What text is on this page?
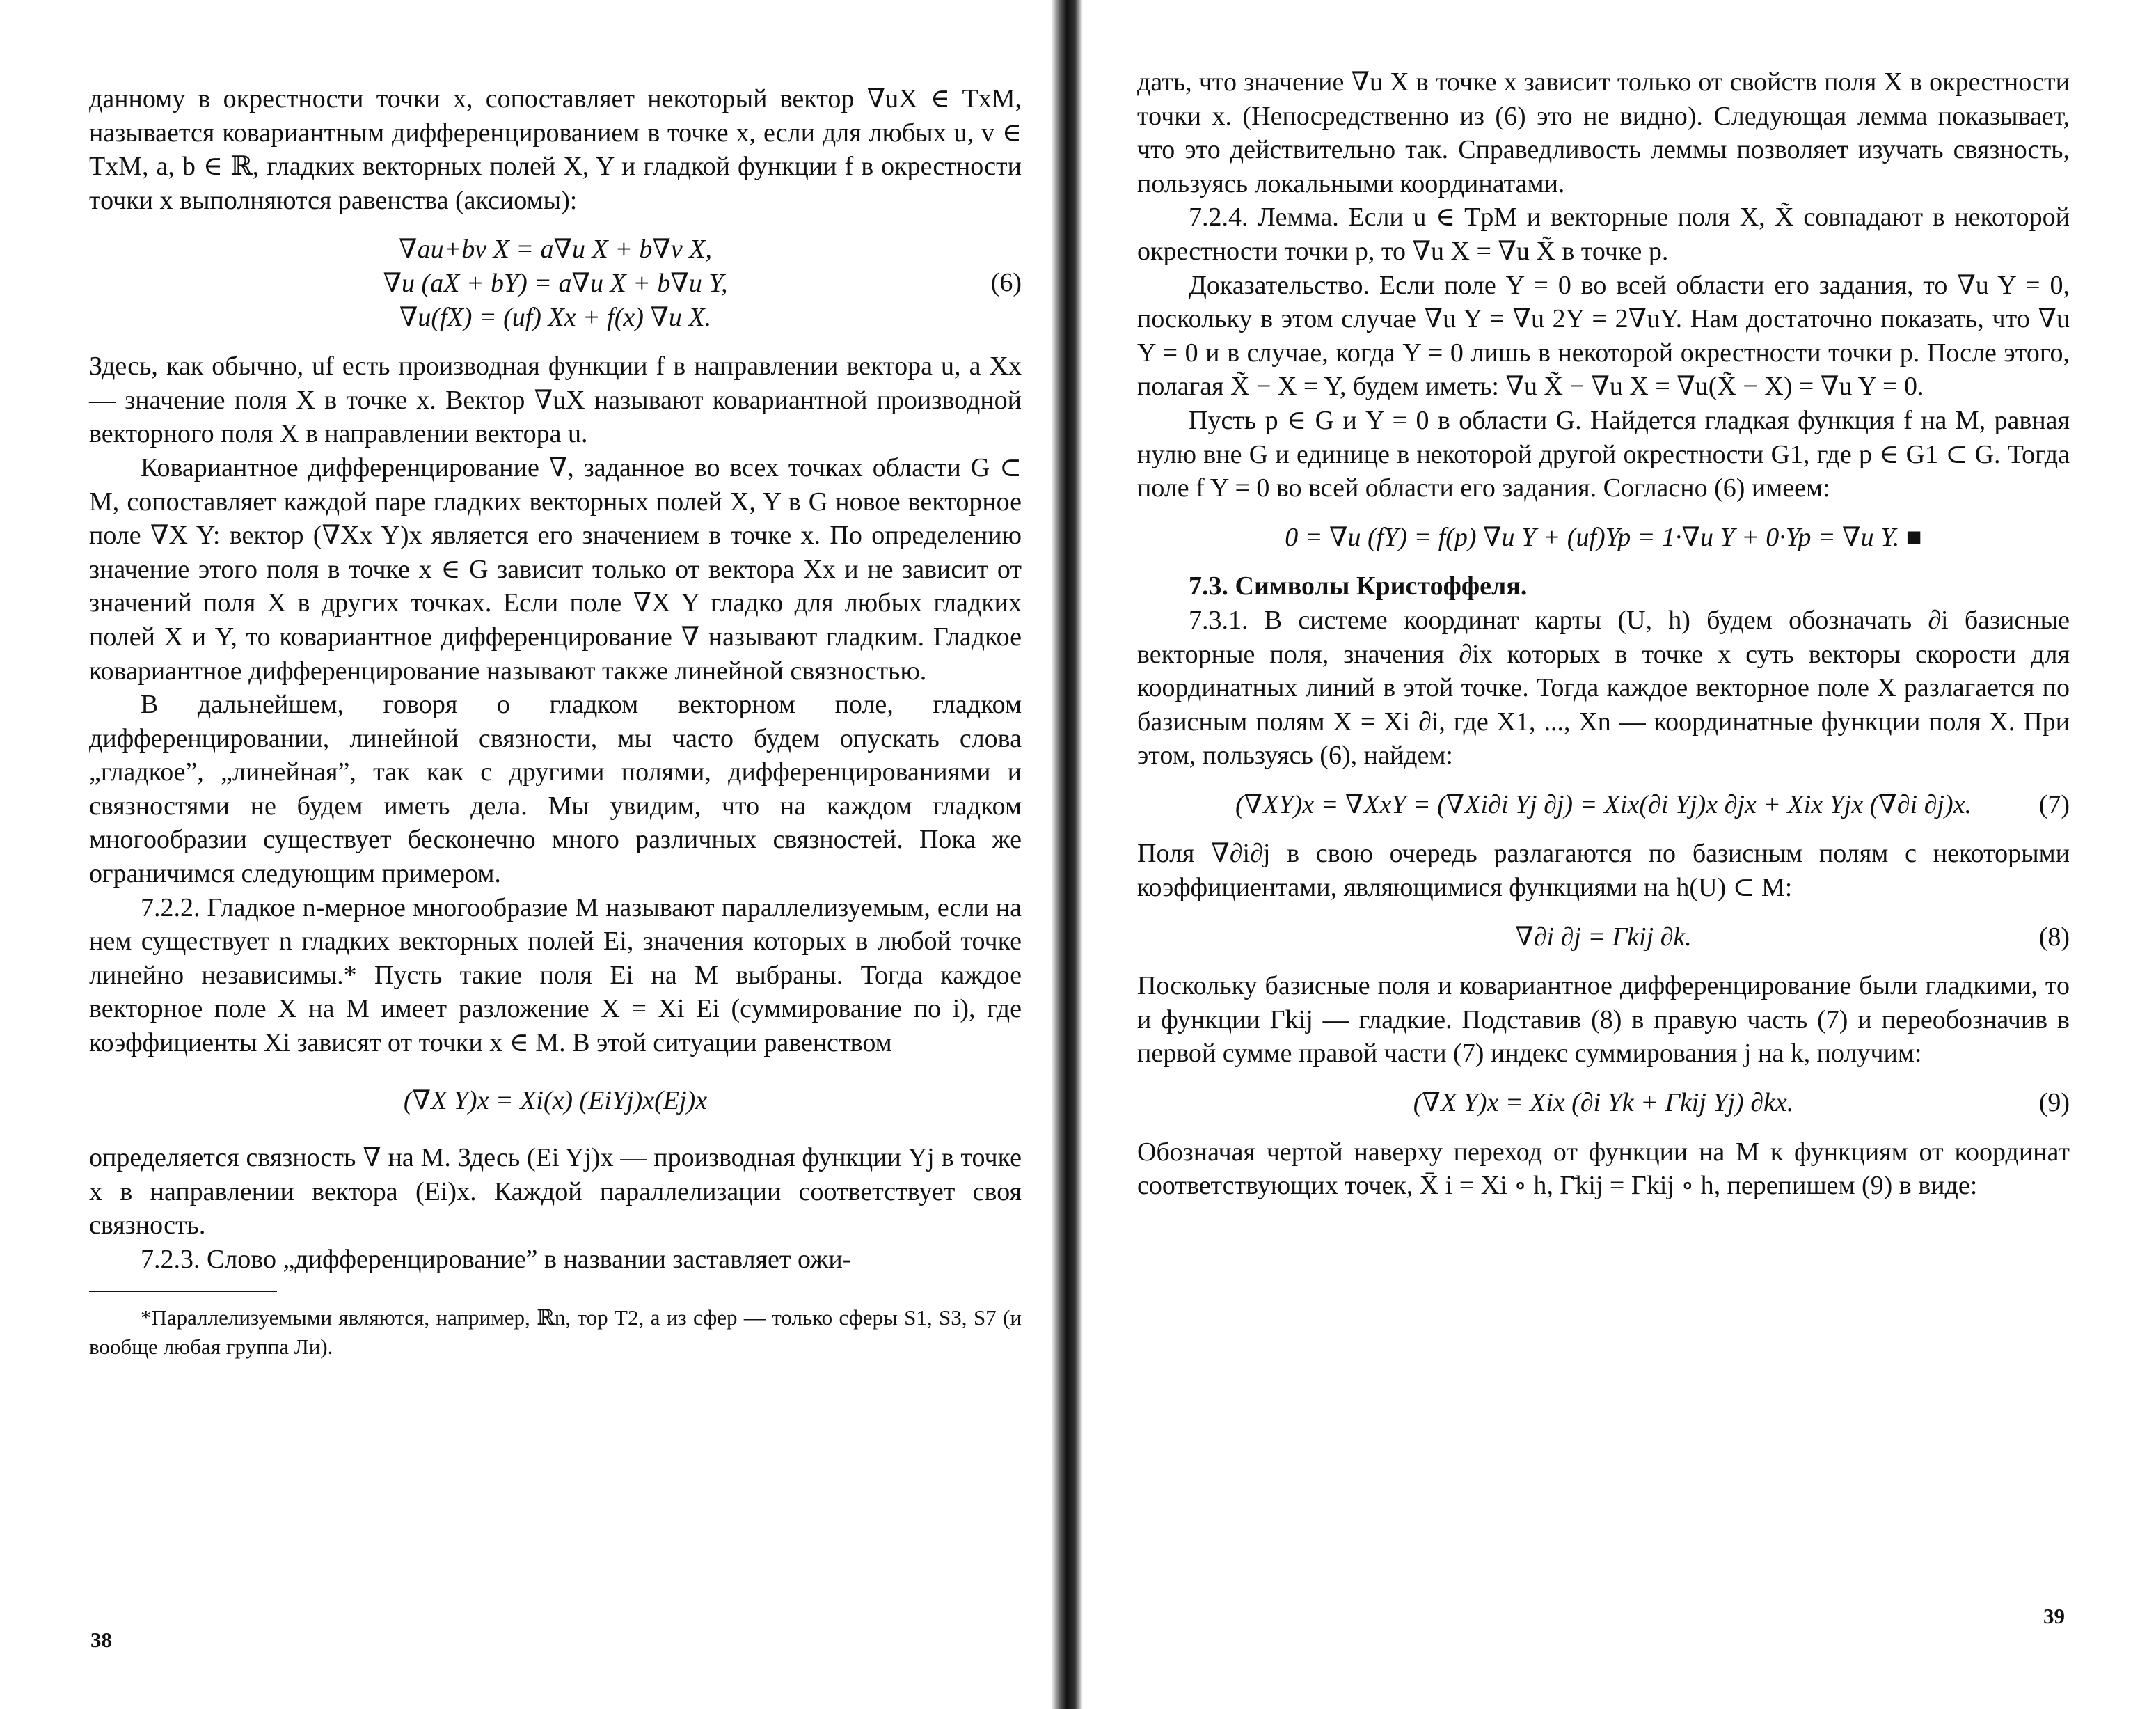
данному в окрестности точки x, сопоставляет некоторый вектор ∇uX ∈ TxM, называется ковариантным дифференцированием в точке x, если для любых u, v ∈ TxM, a, b ∈ ℝ, гладких векторных полей X, Y и гладкой функции f в окрестности точки x выполняются равенства (аксиомы):

∇au+bv X = a∇u X + b∇v X,
∇u (aX + bY) = a∇u X + b∇u Y,
∇u(fX) = (uf) Xx + f(x) ∇u X.
(6)

Здесь, как обычно, uf есть производная функции f в направлении вектора u, а Xx — значение поля X в точке x. Вектор ∇uX называют ковариантной производной векторного поля X в направлении вектора u.

Ковариантное дифференцирование ∇, заданное во всех точках области G ⊂ M, сопоставляет каждой паре гладких векторных полей X, Y в G новое векторное поле ∇X Y: вектор (∇Xx Y)x является его значением в точке x. По определению значение этого поля в точке x ∈ G зависит только от вектора Xx и не зависит от значений поля X в других точках. Если поле ∇X Y гладко для любых гладких полей X и Y, то ковариантное дифференцирование ∇ называют гладким. Гладкое ковариантное дифференцирование называют также линейной связностью.

В дальнейшем, говоря о гладком векторном поле, гладком дифференцировании, линейной связности, мы часто будем опускать слова „гладкое”, „линейная”, так как с другими полями, дифференцированиями и связностями не будем иметь дела. Мы увидим, что на каждом гладком многообразии существует бесконечно много различных связностей. Пока же ограничимся следующим примером.

7.2.2. Гладкое n-мерное многообразие M называют параллелизуемым, если на нем существует n гладких векторных полей Ei, значения которых в любой точке линейно независимы.* Пусть такие поля Ei на M выбраны. Тогда каждое векторное поле X на M имеет разложение X = Xi Ei (суммирование по i), где коэффициенты Xi зависят от точки x ∈ M. В этой ситуации равенством

(∇X Y)x = Xi(x) (EiYj)x(Ej)x

определяется связность ∇ на M. Здесь (Ei Yj)x — производная функции Yj в точке x в направлении вектора (Ei)x. Каждой параллелизации соответствует своя связность.

7.2.3. Слово „дифференцирование” в названии заставляет ожи-

*Параллелизуемыми являются, например, ℝn, тор T2, а из сфер — только сферы S1, S3, S7 (и вообще любая группа Ли).

38

дать, что значение ∇u X в точке x зависит только от свойств поля X в окрестности точки x. (Непосредственно из (6) это не видно). Следующая лемма показывает, что это действительно так. Справедливость леммы позволяет изучать связность, пользуясь локальными координатами.

7.2.4. Лемма. Если u ∈ TpM и векторные поля X, X̃ совпадают в некоторой окрестности точки p, то ∇u X = ∇u X̃ в точке p.

Доказательство. Если поле Y = 0 во всей области его задания, то ∇u Y = 0, поскольку в этом случае ∇u Y = ∇u 2Y = 2∇uY. Нам достаточно показать, что ∇u Y = 0 и в случае, когда Y = 0 лишь в некоторой окрестности точки p. После этого, полагая X̃ − X = Y, будем иметь: ∇u X̃ − ∇u X = ∇u(X̃ − X) = ∇u Y = 0.

Пусть p ∈ G и Y = 0 в области G. Найдется гладкая функция f на M, равная нулю вне G и единице в некоторой другой окрестности G1, где p ∈ G1 ⊂ G. Тогда поле f Y = 0 во всей области его задания. Согласно (6) имеем:

0 = ∇u (fY) = f(p) ∇u Y + (uf)Yp = 1·∇u Y + 0·Yp = ∇u Y. ■

7.3. Символы Кристоффеля.

7.3.1. В системе координат карты (U, h) будем обозначать ∂i базисные векторные поля, значения ∂ix которых в точке x суть векторы скорости для координатных линий в этой точке. Тогда каждое векторное поле X разлагается по базисным полям X = Xi ∂i, где X1, ..., Xn — координатные функции поля X. При этом, пользуясь (6), найдем:

(∇XY)x = ∇XxY = (∇Xi∂i Yj ∂j) = Xix(∂i Yj)x ∂jx + Xix Yjx (∇∂i ∂j)x.	(7)

Поля ∇∂i∂j в свою очередь разлагаются по базисным полям с некоторыми коэффициентами, являющимися функциями на h(U) ⊂ M:

∇∂i ∂j = Γkij ∂k.	(8)

Поскольку базисные поля и ковариантное дифференцирование были гладкими, то и функции Γkij — гладкие. Подставив (8) в правую часть (7) и переобозначив в первой сумме правой части (7) индекс суммирования j на k, получим:

(∇X Y)x = Xix (∂i Yk + Γkij Yj) ∂kx.	(9)

Обозначая чертой наверху переход от функции на M к функциям от координат соответствующих точек, X̄ i = Xi ∘ h, Γ̄kij = Γkij ∘ h, перепишем (9) в виде:

39
